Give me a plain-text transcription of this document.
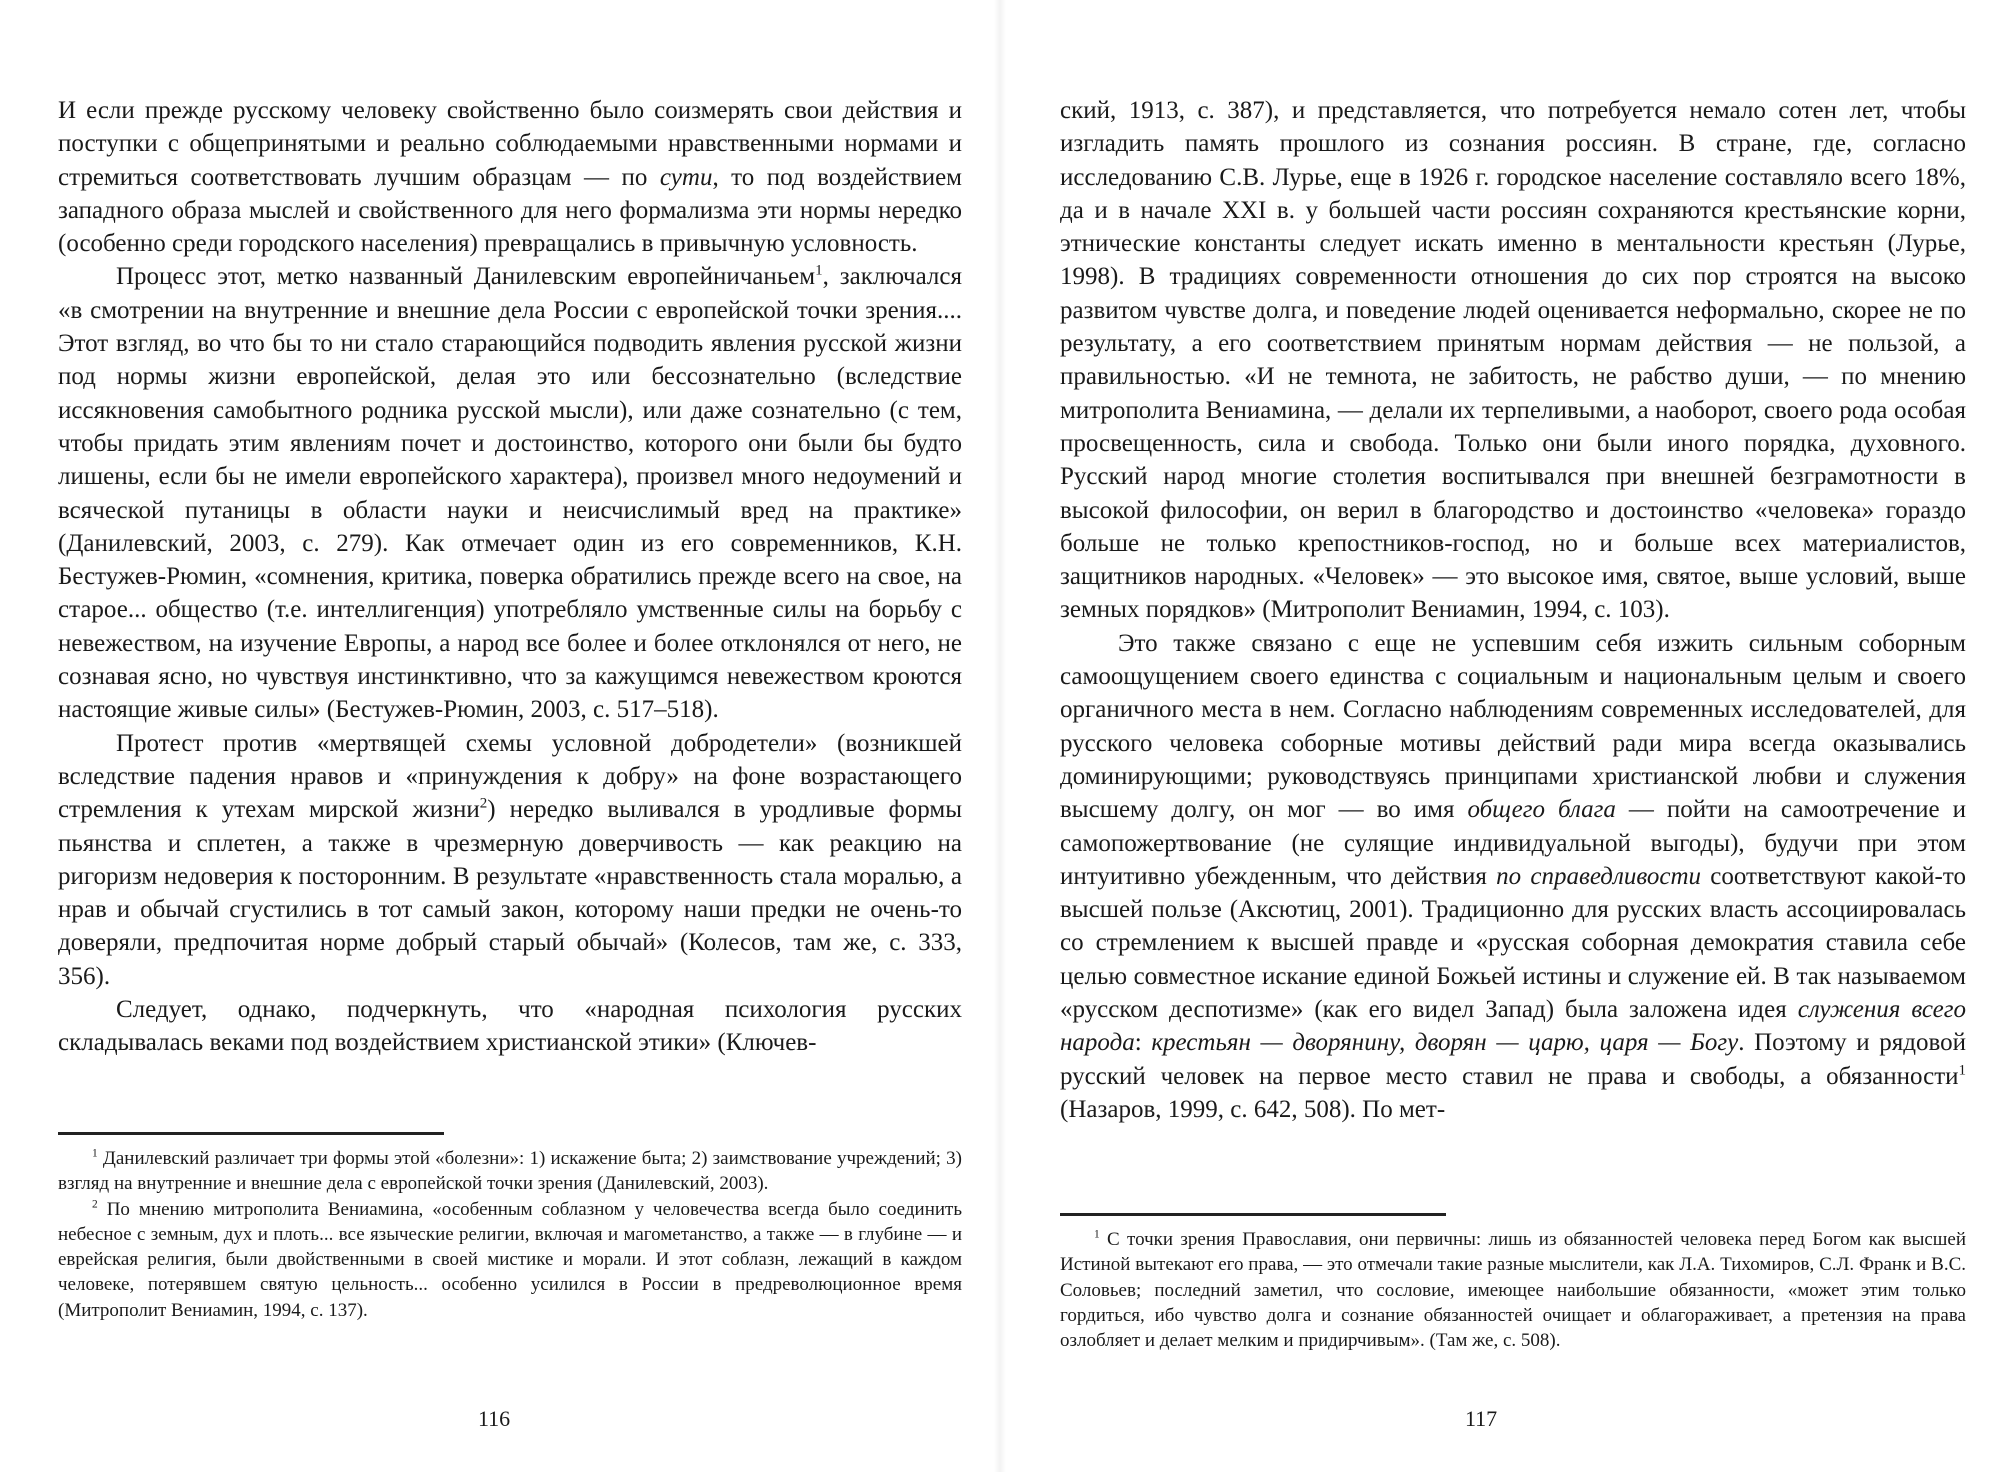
И если прежде русскому человеку свойственно было соизмерять свои действия и поступки с общепринятыми и реально соблюдаемыми нравственными нормами и стремиться соответствовать лучшим образцам — по сути, то под воздействием западного образа мыслей и свойственного для него формализма эти нормы нередко (особенно среди городского населения) превращались в привычную условность.

Процесс этот, метко названный Данилевским европейничаньем$^1$, заключался «в смотрении на внутренние и внешние дела России с европейской точки зрения.... Этот взгляд, во что бы то ни стало старающийся подводить явления русской жизни под нормы жизни европейской, делая это или бессознательно (вследствие иссякновения самобытного родника русской мысли), или даже сознательно (с тем, чтобы придать этим явлениям почет и достоинство, которого они были бы будто лишены, если бы не имели европейского характера), произвел много недоумений и всяческой путаницы в области науки и неисчислимый вред на практике» (Данилевский, 2003, с. 279). Как отмечает один из его современников, К.Н. Бестужев-Рюмин, «сомнения, критика, поверка обратились прежде всего на свое, на старое... общество (т.е. интеллигенция) употребляло умственные силы на борьбу с невежеством, на изучение Европы, а народ все более и более отклонялся от него, не сознавая ясно, но чувствуя инстинктивно, что за кажущимся невежеством кроются настоящие живые силы» (Бестужев-Рюмин, 2003, с. 517–518).

Протест против «мертвящей схемы условной добродетели» (возникшей вследствие падения нравов и «принуждения к добру» на фоне возрастающего стремления к утехам мирской жизни$^2$) нередко выливался в уродливые формы пьянства и сплетен, а также в чрезмерную доверчивость — как реакцию на ригоризм недоверия к посторонним. В результате «нравственность стала моралью, а нрав и обычай сгустились в тот самый закон, которому наши предки не очень-то доверяли, предпочитая норме добрый старый обычай» (Колесов, там же, с. 333, 356).

Следует, однако, подчеркнуть, что «народная психология русских складывалась веками под воздействием христианской этики» (Ключев-

$^1$ Данилевский различает три формы этой «болезни»: 1) искажение быта; 2) заимствование учреждений; 3) взгляд на внутренние и внешние дела с европейской точки зрения (Данилевский, 2003).

$^2$ По мнению митрополита Вениамина, «особенным соблазном у человечества всегда было соединить небесное с земным, дух и плоть... все языческие религии, включая и магометанство, а также — в глубине — и еврейская религия, были двойственными в своей мистике и морали. И этот соблазн, лежащий в каждом человеке, потерявшем святую цельность... особенно усилился в России в предреволюционное время (Митрополит Вениамин, 1994, с. 137).

116

ский, 1913, с. 387), и представляется, что потребуется немало сотен лет, чтобы изгладить память прошлого из сознания россиян. В стране, где, согласно исследованию С.В. Лурье, еще в 1926 г. городское население составляло всего 18%, да и в начале XXI в. у большей части россиян сохраняются крестьянские корни, этнические константы следует искать именно в ментальности крестьян (Лурье, 1998). В традициях современности отношения до сих пор строятся на высоко развитом чувстве долга, и поведение людей оценивается неформально, скорее не по результату, а его соответствием принятым нормам действия — не пользой, а правильностью. «И не темнота, не забитость, не рабство души, — по мнению митрополита Вениамина, — делали их терпеливыми, а наоборот, своего рода особая просвещенность, сила и свобода. Только они были иного порядка, духовного. Русский народ многие столетия воспитывался при внешней безграмотности в высокой философии, он верил в благородство и достоинство «человека» гораздо больше не только крепостников-господ, но и больше всех материалистов, защитников народных. «Человек» — это высокое имя, святое, выше условий, выше земных порядков» (Митрополит Вениамин, 1994, с. 103).

Это также связано с еще не успевшим себя изжить сильным соборным самоощущением своего единства с социальным и национальным целым и своего органичного места в нем. Согласно наблюдениям современных исследователей, для русского человека соборные мотивы действий ради мира всегда оказывались доминирующими; руководствуясь принципами христианской любви и служения высшему долгу, он мог — во имя общего блага — пойти на самоотречение и самопожертвование (не сулящие индивидуальной выгоды), будучи при этом интуитивно убежденным, что действия по справедливости соответствуют какой-то высшей пользе (Аксютиц, 2001). Традиционно для русских власть ассоциировалась со стремлением к высшей правде и «русская соборная демократия ставила себе целью совместное искание единой Божьей истины и служение ей. В так называемом «русском деспотизме» (как его видел Запад) была заложена идея служения всего народа: крестьян — дворянину, дворян — царю, царя — Богу. Поэтому и рядовой русский человек на первое место ставил не права и свободы, а обязанности$^1$ (Назаров, 1999, с. 642, 508). По мет-

$^1$ С точки зрения Православия, они первичны: лишь из обязанностей человека перед Богом как высшей Истиной вытекают его права, — это отмечали такие разные мыслители, как Л.А. Тихомиров, С.Л. Франк и В.С. Соловьев; последний заметил, что сословие, имеющее наибольшие обязанности, «может этим только гордиться, ибо чувство долга и сознание обязанностей очищает и облагораживает, а претензия на права озлобляет и делает мелким и придирчивым». (Там же, с. 508).

117
